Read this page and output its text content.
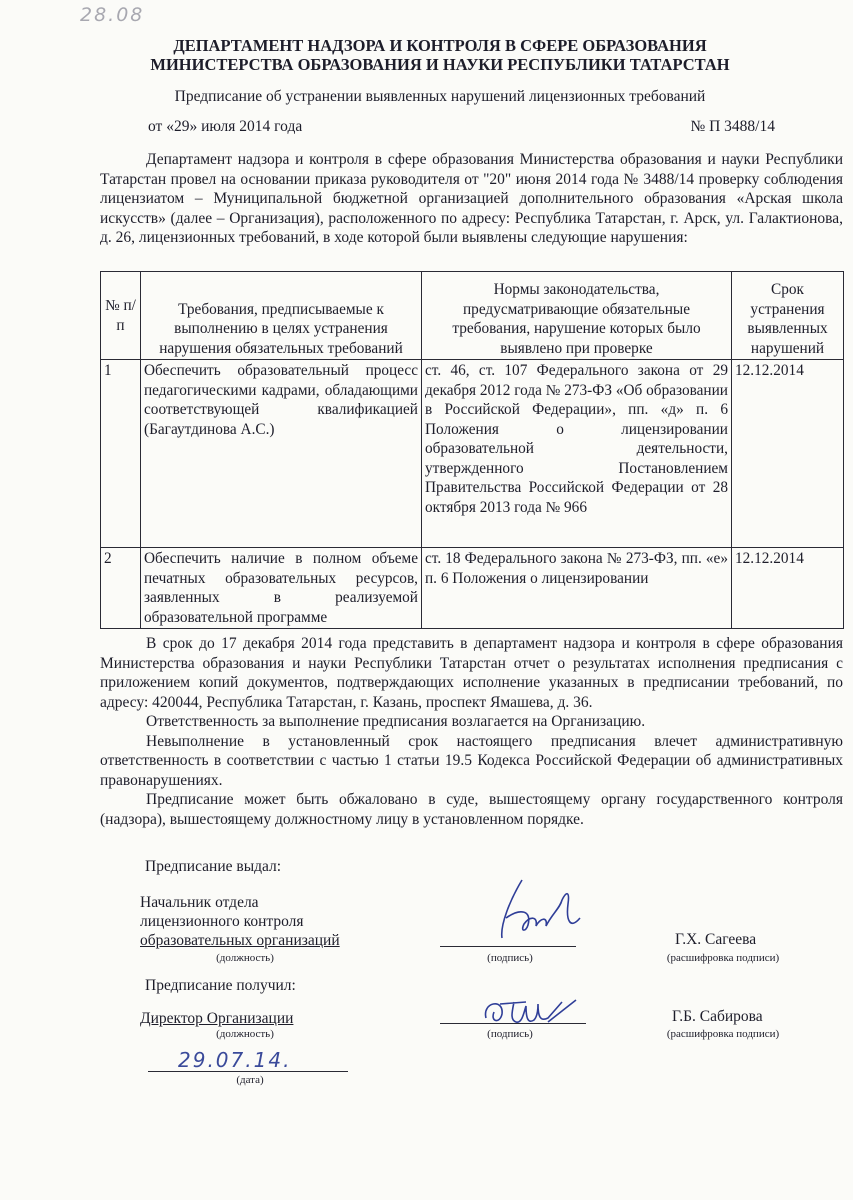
28.08
ДЕПАРТАМЕНТ НАДЗОРА И КОНТРОЛЯ В СФЕРЕ ОБРАЗОВАНИЯ
МИНИСТЕРСТВА ОБРАЗОВАНИЯ И НАУКИ РЕСПУБЛИКИ ТАТАРСТАН
Предписание об устранении выявленных нарушений лицензионных требований
от «29» июля 2014 года	№ П 3488/14

Департамент надзора и контроля в сфере образования Министерства образования и науки Республики Татарстан провел на основании приказа руководителя от "20" июня 2014 года № 3488/14 проверку соблюдения лицензиатом – Муниципальной бюджетной организацией дополнительного образования «Арская школа искусств» (далее – Организация), расположенного по адресу: Республика Татарстан, г. Арск, ул. Галактионова, д. 26, лицензионных требований, в ходе которой были выявлены следующие нарушения:

№ п/п	Требования, предписываемые к выполнению в целях устранения нарушения обязательных требований	Нормы законодательства, предусматривающие обязательные требования, нарушение которых было выявлено при проверке	Срок устранения выявленных нарушений
1	Обеспечить образовательный процесс педагогическими кадрами, обладающими соответствующей квалификацией (Багаутдинова А.С.)	ст. 46, ст. 107 Федерального закона от 29 декабря 2012 года № 273-ФЗ «Об образовании в Российской Федерации», пп. «д» п. 6 Положения о лицензировании образовательной деятельности, утвержденного Постановлением Правительства Российской Федерации от 28 октября 2013 года № 966	12.12.2014
2	Обеспечить наличие в полном объеме печатных образовательных ресурсов, заявленных в реализуемой образовательной программе	ст. 18 Федерального закона № 273-ФЗ, пп. «е» п. 6 Положения о лицензировании	12.12.2014

В срок до 17 декабря 2014 года представить в департамент надзора и контроля в сфере образования Министерства образования и науки Республики Татарстан отчет о результатах исполнения предписания с приложением копий документов, подтверждающих исполнение указанных в предписании требований, по адресу: 420044, Республика Татарстан, г. Казань, проспект Ямашева, д. 36.

Ответственность за выполнение предписания возлагается на Организацию.

Невыполнение в установленный срок настоящего предписания влечет административную ответственность в соответствии с частью 1 статьи 19.5 Кодекса Российской Федерации об административных правонарушениях.

Предписание может быть обжаловано в суде, вышестоящему органу государственного контроля (надзора), вышестоящему должностному лицу в установленном порядке.

Предписание выдал:
Начальник отдела
лицензионного контроля
образовательных организаций
(должность)	(подпись)
Г.Х. Сагеева
(расшифровка подписи)
Предписание получил:
Директор Организации
(должность)	(подпись)
Г.Б. Сабирова
(расшифровка подписи)
29.07.14.
(дата)
